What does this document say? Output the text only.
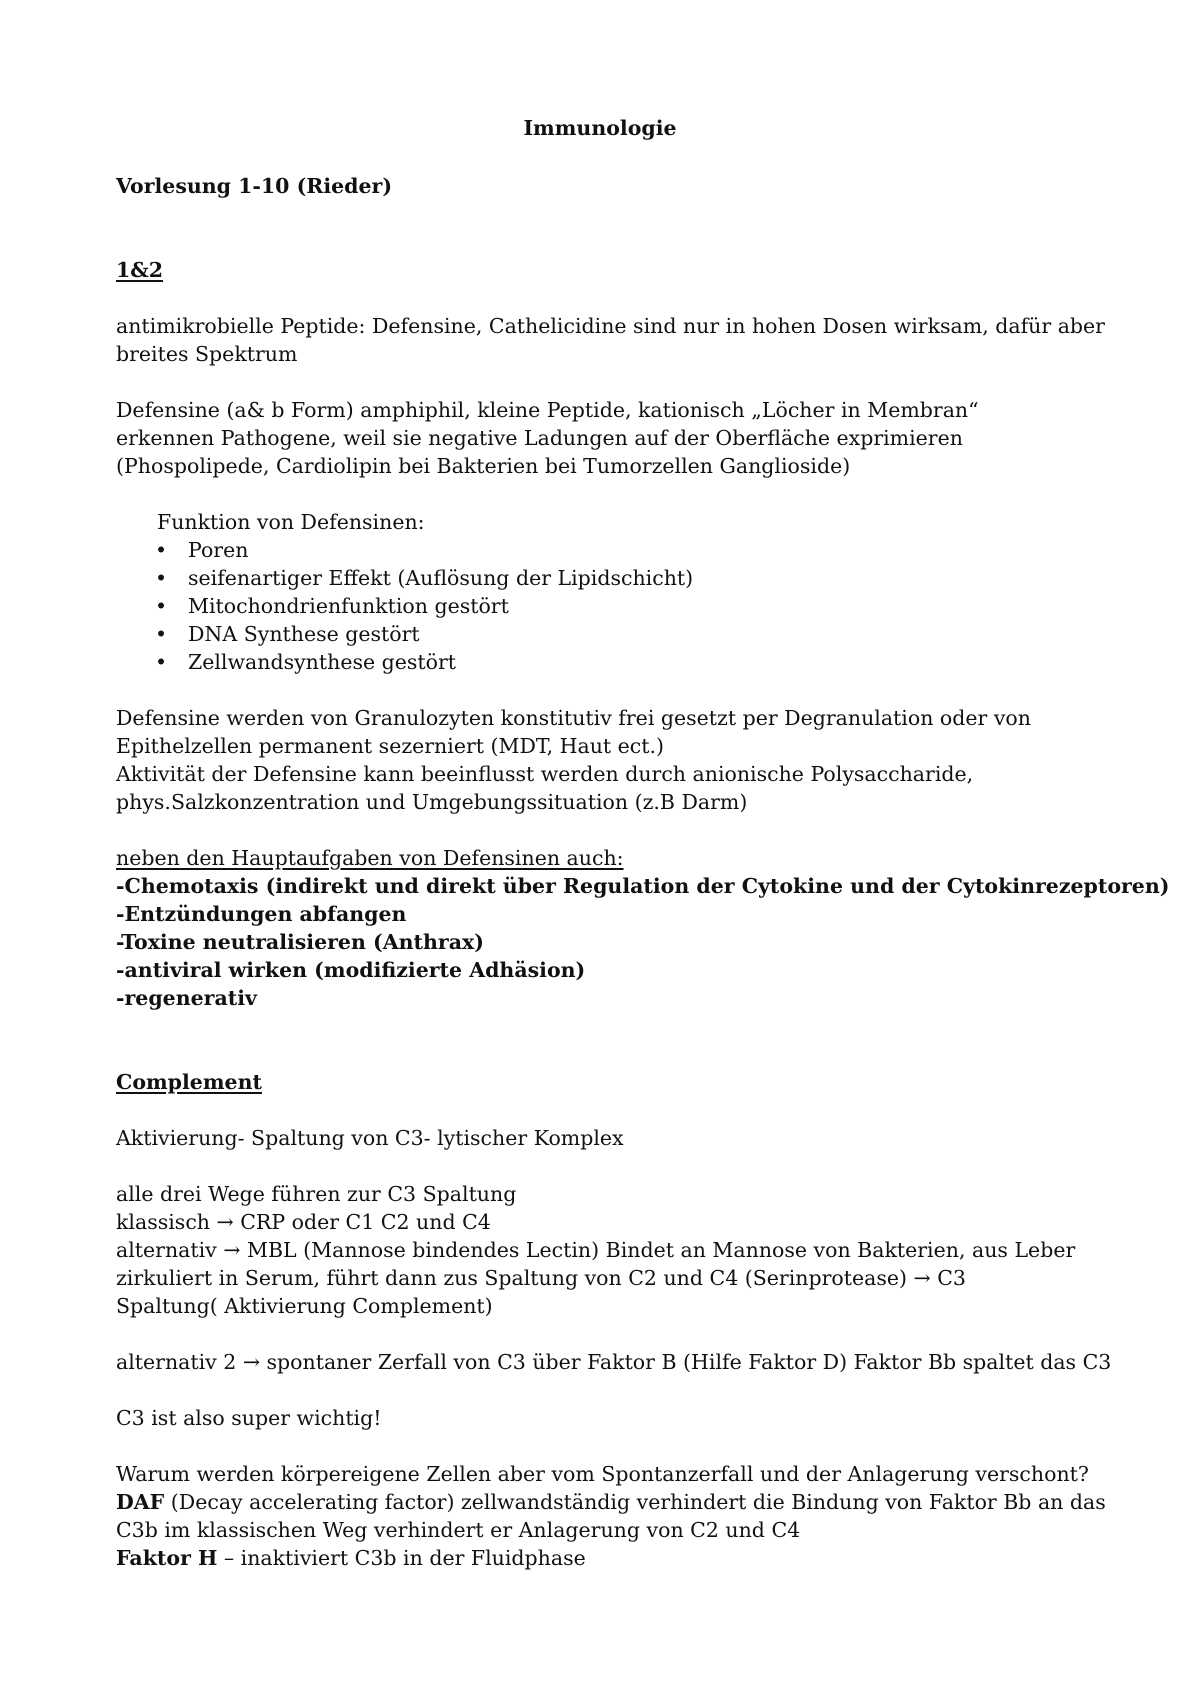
Immunologie
Vorlesung 1-10 (Rieder)
1&2
antimikrobielle Peptide: Defensine, Cathelicidine sind nur in hohen Dosen wirksam, dafür aber
breites Spektrum
Defensine (a& b Form) amphiphil, kleine Peptide, kationisch „Löcher in Membran“
erkennen Pathogene, weil sie negative Ladungen auf der Oberfläche exprimieren
(Phospolipede, Cardiolipin bei Bakterien bei Tumorzellen Ganglioside)
Funktion von Defensinen:
• Poren
• seifenartiger Effekt (Auflösung der Lipidschicht)
• Mitochondrienfunktion gestört
• DNA Synthese gestört
• Zellwandsynthese gestört
Defensine werden von Granulozyten konstitutiv frei gesetzt per Degranulation oder von
Epithelzellen permanent sezerniert (MDT, Haut ect.)
Aktivität der Defensine kann beeinflusst werden durch anionische Polysaccharide,
phys.Salzkonzentration und Umgebungssituation (z.B Darm)
neben den Hauptaufgaben von Defensinen auch:
-Chemotaxis (indirekt und direkt über Regulation der Cytokine und der Cytokinrezeptoren)
-Entzündungen abfangen
-Toxine neutralisieren (Anthrax)
-antiviral wirken (modifizierte Adhäsion)
-regenerativ
Complement
Aktivierung- Spaltung von C3- lytischer Komplex
alle drei Wege führen zur C3 Spaltung
klassisch → CRP oder C1 C2 und C4
alternativ → MBL (Mannose bindendes Lectin) Bindet an Mannose von Bakterien, aus Leber
zirkuliert in Serum, führt dann zus Spaltung von C2 und C4 (Serinprotease) → C3
Spaltung( Aktivierung Complement)
alternativ 2 → spontaner Zerfall von C3 über Faktor B (Hilfe Faktor D) Faktor Bb spaltet das C3
C3 ist also super wichtig!
Warum werden körpereigene Zellen aber vom Spontanzerfall und der Anlagerung verschont?
DAF (Decay accelerating factor) zellwandständig verhindert die Bindung von Faktor Bb an das
C3b im klassischen Weg verhindert er Anlagerung von C2 und C4
Faktor H – inaktiviert C3b in der Fluidphase
